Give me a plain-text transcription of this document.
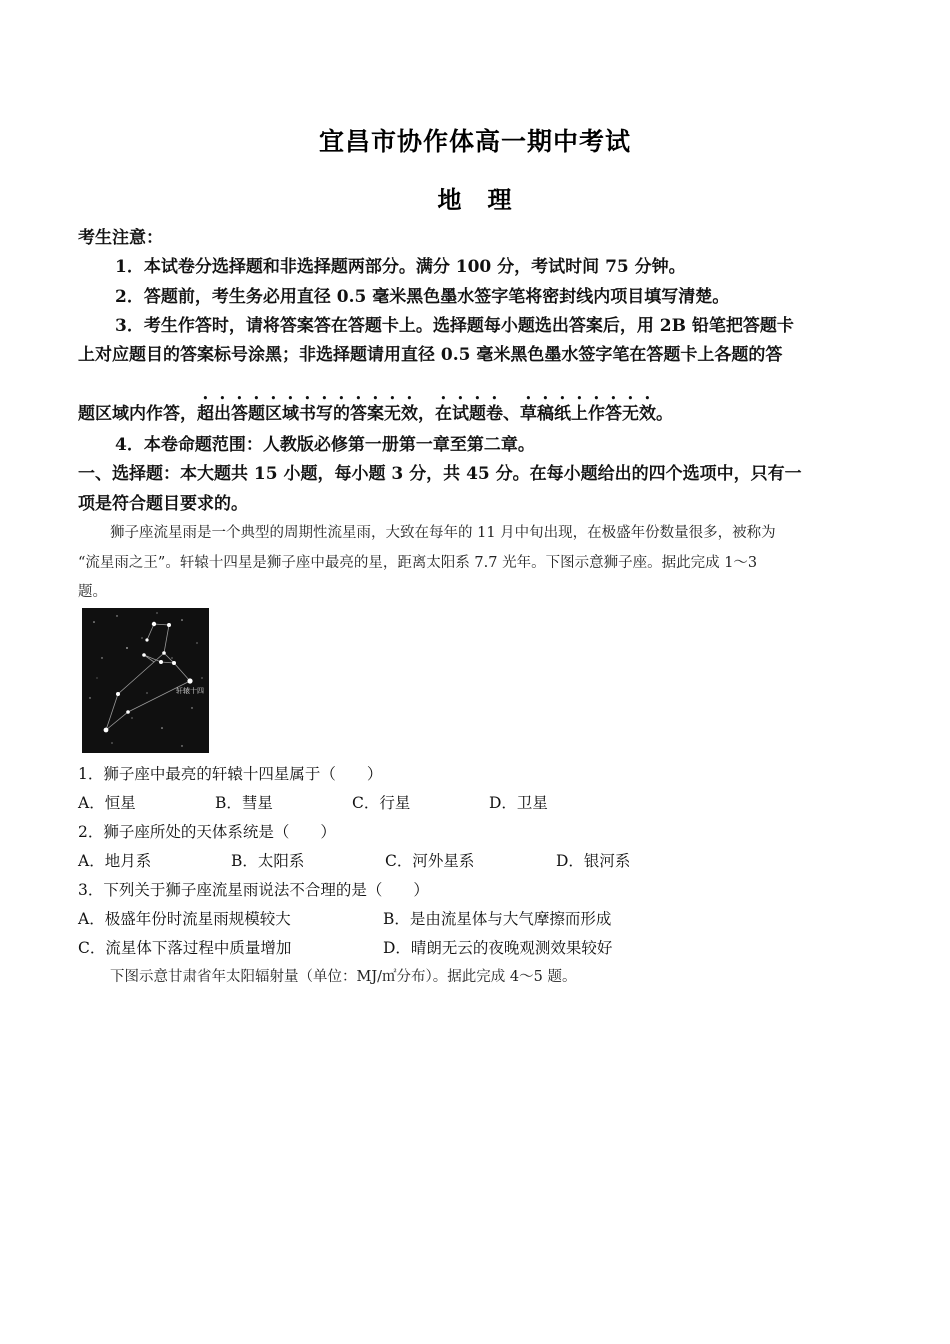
宜昌市协作体高一期中考试
地　理
考生注意：
1．本试卷分选择题和非选择题两部分。满分 100 分，考试时间 75 分钟。
2．答题前，考生务必用直径 0.5 毫米黑色墨水签字笔将密封线内项目填写清楚。
3．考生作答时，请将答案答在答题卡上。选择题每小题选出答案后，用 2B 铅笔把答题卡
上对应题目的答案标号涂黑；非选择题请用直径 0.5 毫米黑色墨水签字笔在答题卡上各题的答
题区域内作答，超出答题区域书写的答案无效，在试题卷、草稿纸上作答无效。
4．本卷命题范围：人教版必修第一册第一章至第二章。
一、选择题：本大题共 15 小题，每小题 3 分，共 45 分。在每小题给出的四个选项中，只有一
项是符合题目要求的。
狮子座流星雨是一个典型的周期性流星雨，大致在每年的 11 月中旬出现，在极盛年份数量很多，被称为
“流星雨之王”。轩辕十四星是狮子座中最亮的星，距离太阳系 7.7 光年。下图示意狮子座。据此完成 1～3
题。
轩辕十四
1．狮子座中最亮的轩辕十四星属于（　　）
A．恒星	B．彗星	C．行星	D．卫星
2．狮子座所处的天体系统是（　　）
A．地月系	B．太阳系	C．河外星系	D．银河系
3．下列关于狮子座流星雨说法不合理的是（　　）
A．极盛年份时流星雨规模较大	B．是由流星体与大气摩擦而形成
C．流星体下落过程中质量增加	D．晴朗无云的夜晚观测效果较好
下图示意甘肃省年太阳辐射量（单位：MJ/㎡分布）。据此完成 4～5 题。
